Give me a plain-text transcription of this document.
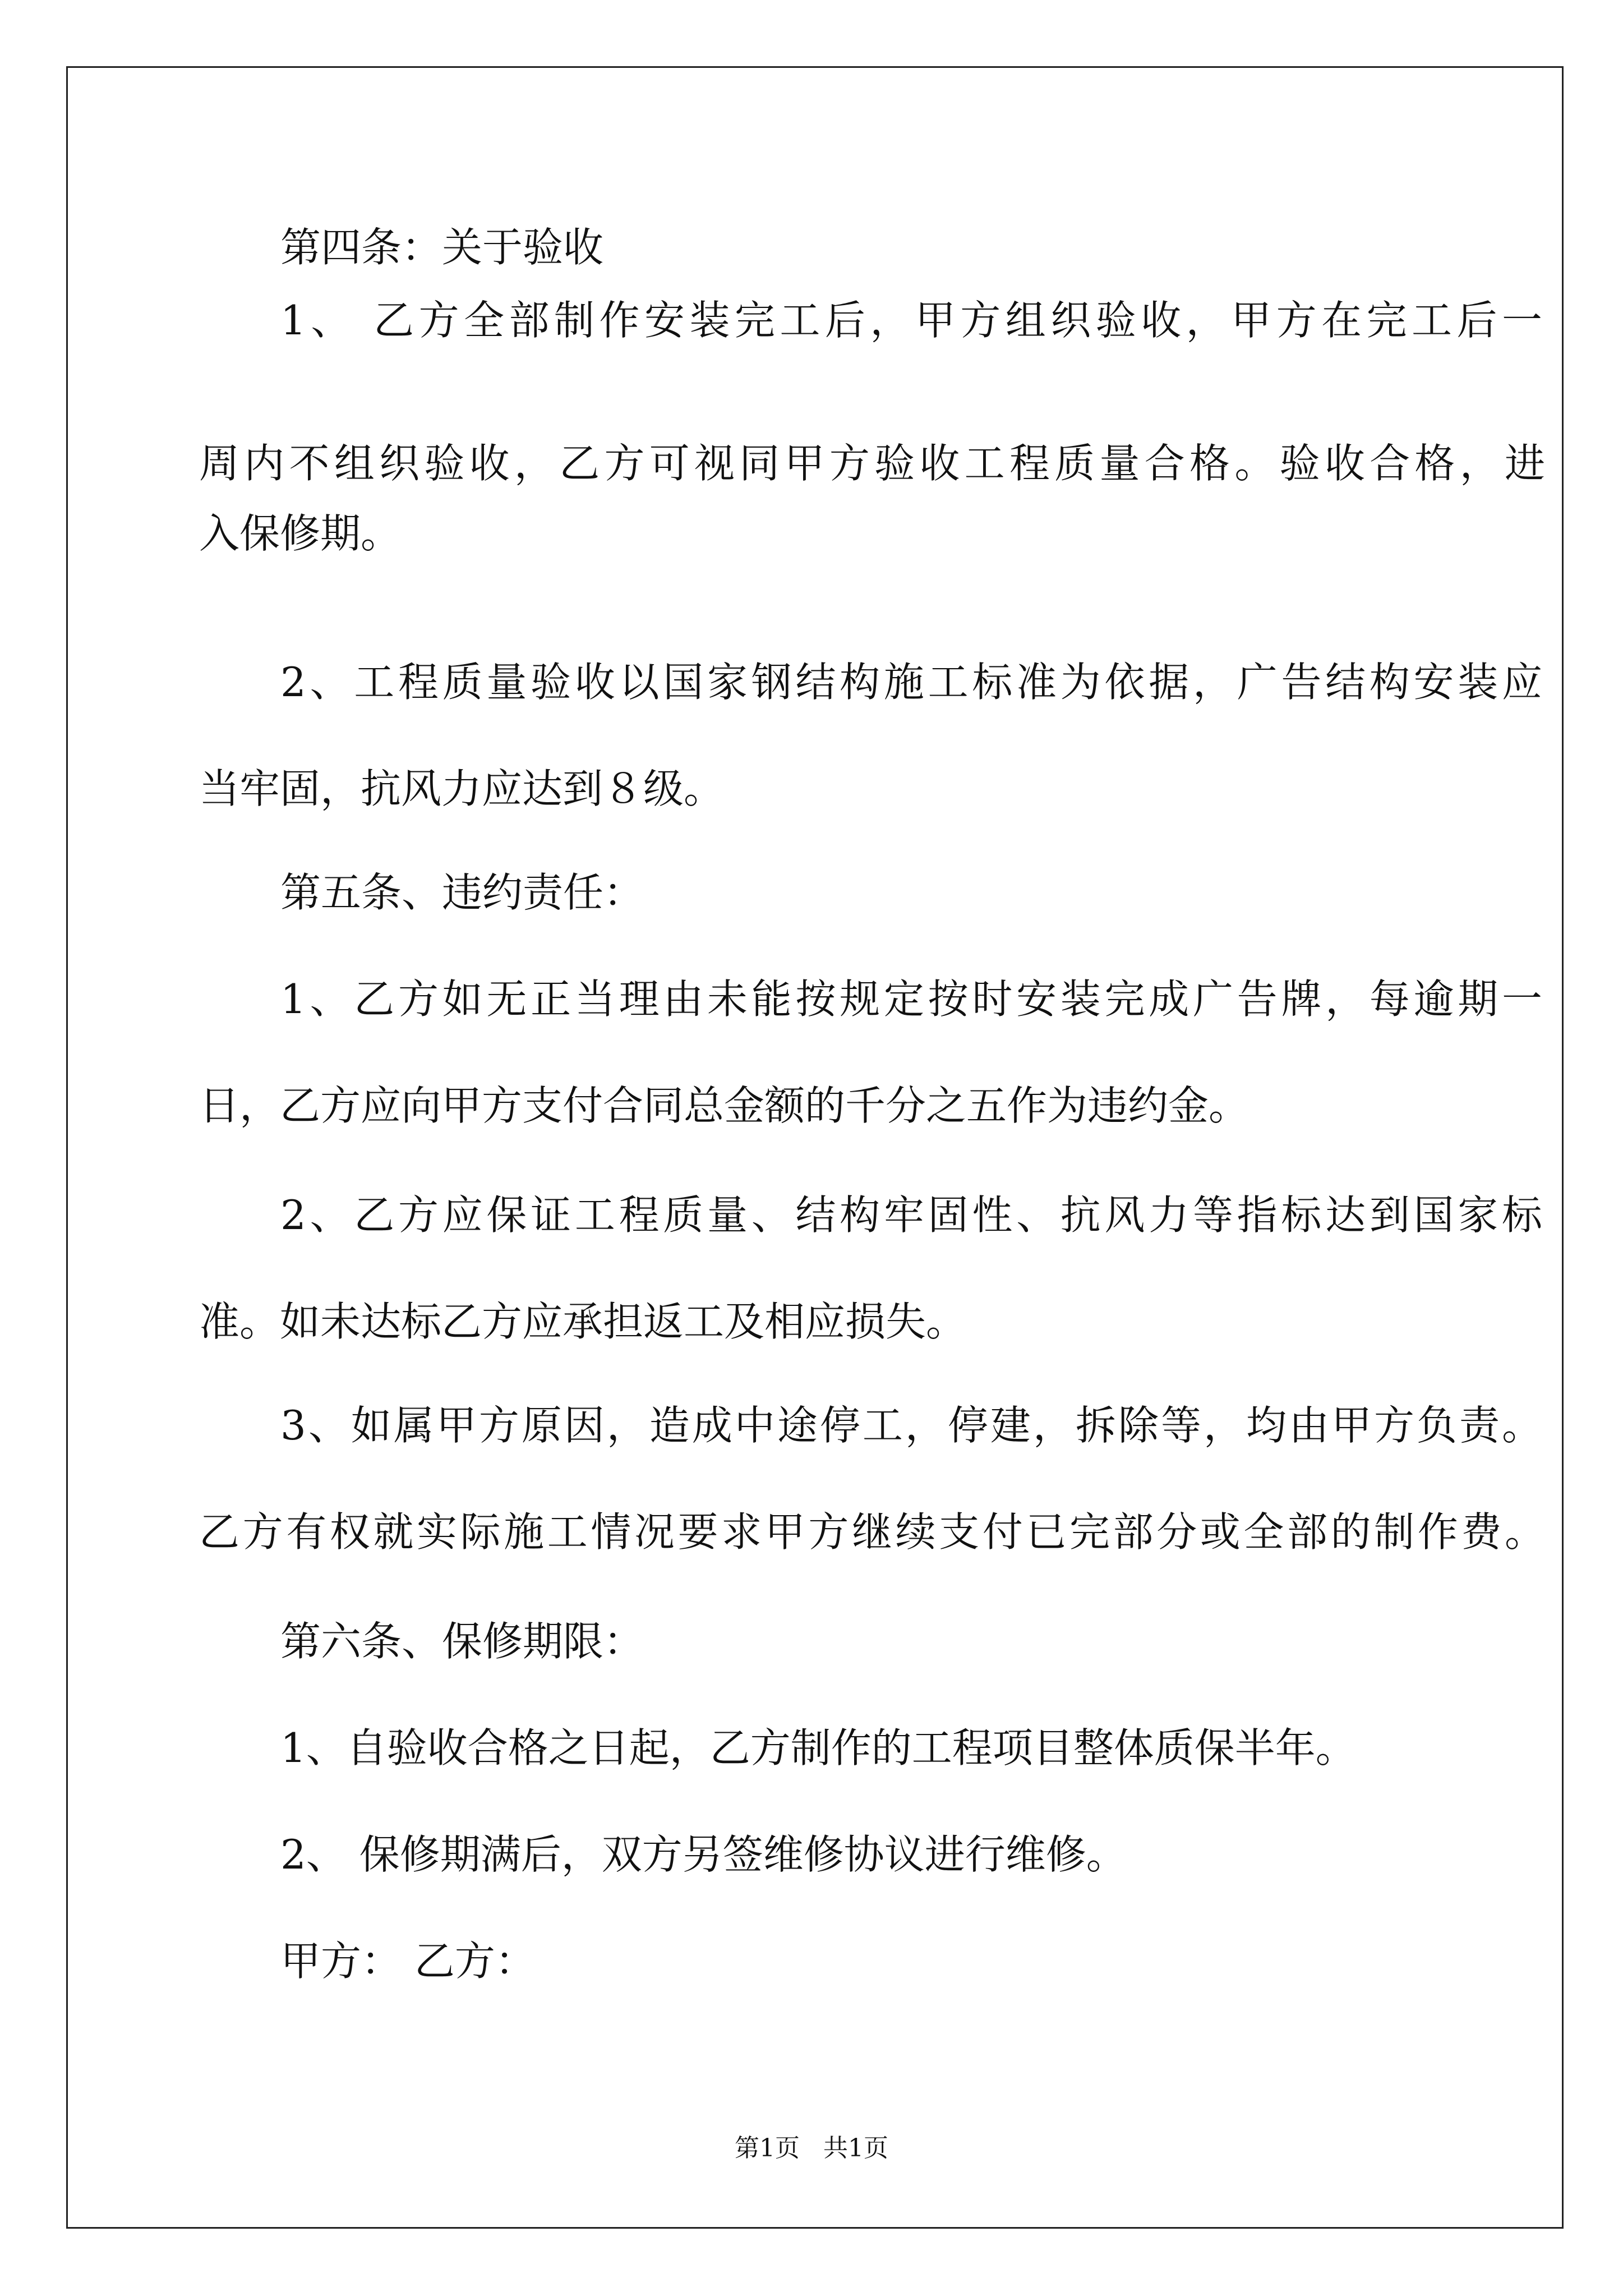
第四条：关于验收

1、 乙方全部制作安装完工后，甲方组织验收，甲方在完工后一

周内不组织验收，乙方可视同甲方验收工程质量合格。验收合格，进

入保修期。

2、工程质量验收以国家钢结构施工标准为依据，广告结构安装应

当牢固，抗风力应达到８级。

第五条、违约责任：

1、乙方如无正当理由未能按规定按时安装完成广告牌，每逾期一

日，乙方应向甲方支付合同总金额的千分之五作为违约金。

2、乙方应保证工程质量、结构牢固性、抗风力等指标达到国家标

准。如未达标乙方应承担返工及相应损失。

3、如属甲方原因，造成中途停工，停建，拆除等，均由甲方负责。

乙方有权就实际施工情况要求甲方继续支付已完部分或全部的制作费。

第六条、保修期限：

1、自验收合格之日起，乙方制作的工程项目整体质保半年。

2、 保修期满后，双方另签维修协议进行维修。

甲方： 乙方：

第1页   共1页
